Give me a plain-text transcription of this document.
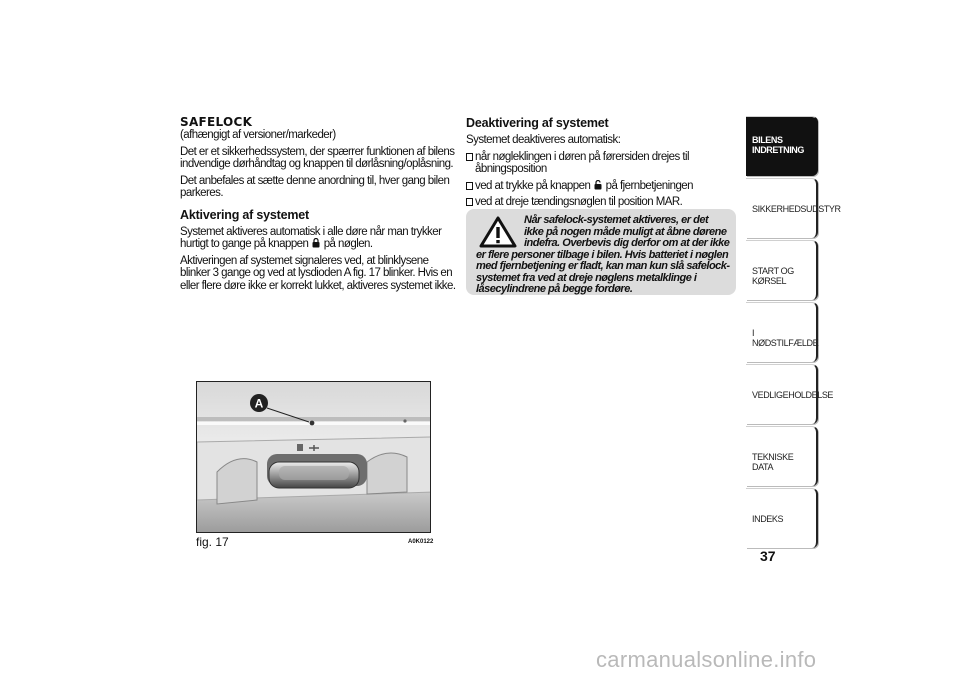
SAFELOCK
(afhængigt af versioner/markeder)

Det er et sikkerhedssystem, der spærrer funktionen af bilens indvendige dørhåndtag og knappen til dørlåsning/oplåsning.

Det anbefales at sætte denne anordning til, hver gang bilen parkeres.

Aktivering af systemet

Systemet aktiveres automatisk i alle døre når man trykker hurtigt to gange på knappen på nøglen.

Aktiveringen af systemet signaleres ved, at blinklysene blinker 3 gange og ved at lysdioden A fig. 17 blinker. Hvis en eller flere døre ikke er korrekt lukket, aktiveres systemet ikke.

Deaktivering af systemet

Systemet deaktiveres automatisk:

når nøgleklingen i døren på førersiden drejes til åbningsposition
ved at trykke på knappen på fjernbetjeningen
ved at dreje tændingsnøglen til position MAR.
Når safelock-systemet aktiveres, er det ikke på nogen måde muligt at åbne dørene indefra. Overbevis dig derfor om at der ikke er flere personer tilbage i bilen. Hvis batteriet i nøglen med fjernbetjening er fladt, kan man kun slå safelock-systemet fra ved at dreje nøglens metalklinge i låsecylindrene på begge fordøre.
A
fig. 17	A0K0122
BILENS INDRETNING
SIKKERHEDSUDSTYR
START OG KØRSEL
I NØDSTILFÆLDE
VEDLIGEHOLDELSE
TEKNISKE DATA
INDEKS
37
carmanualsonline.info
